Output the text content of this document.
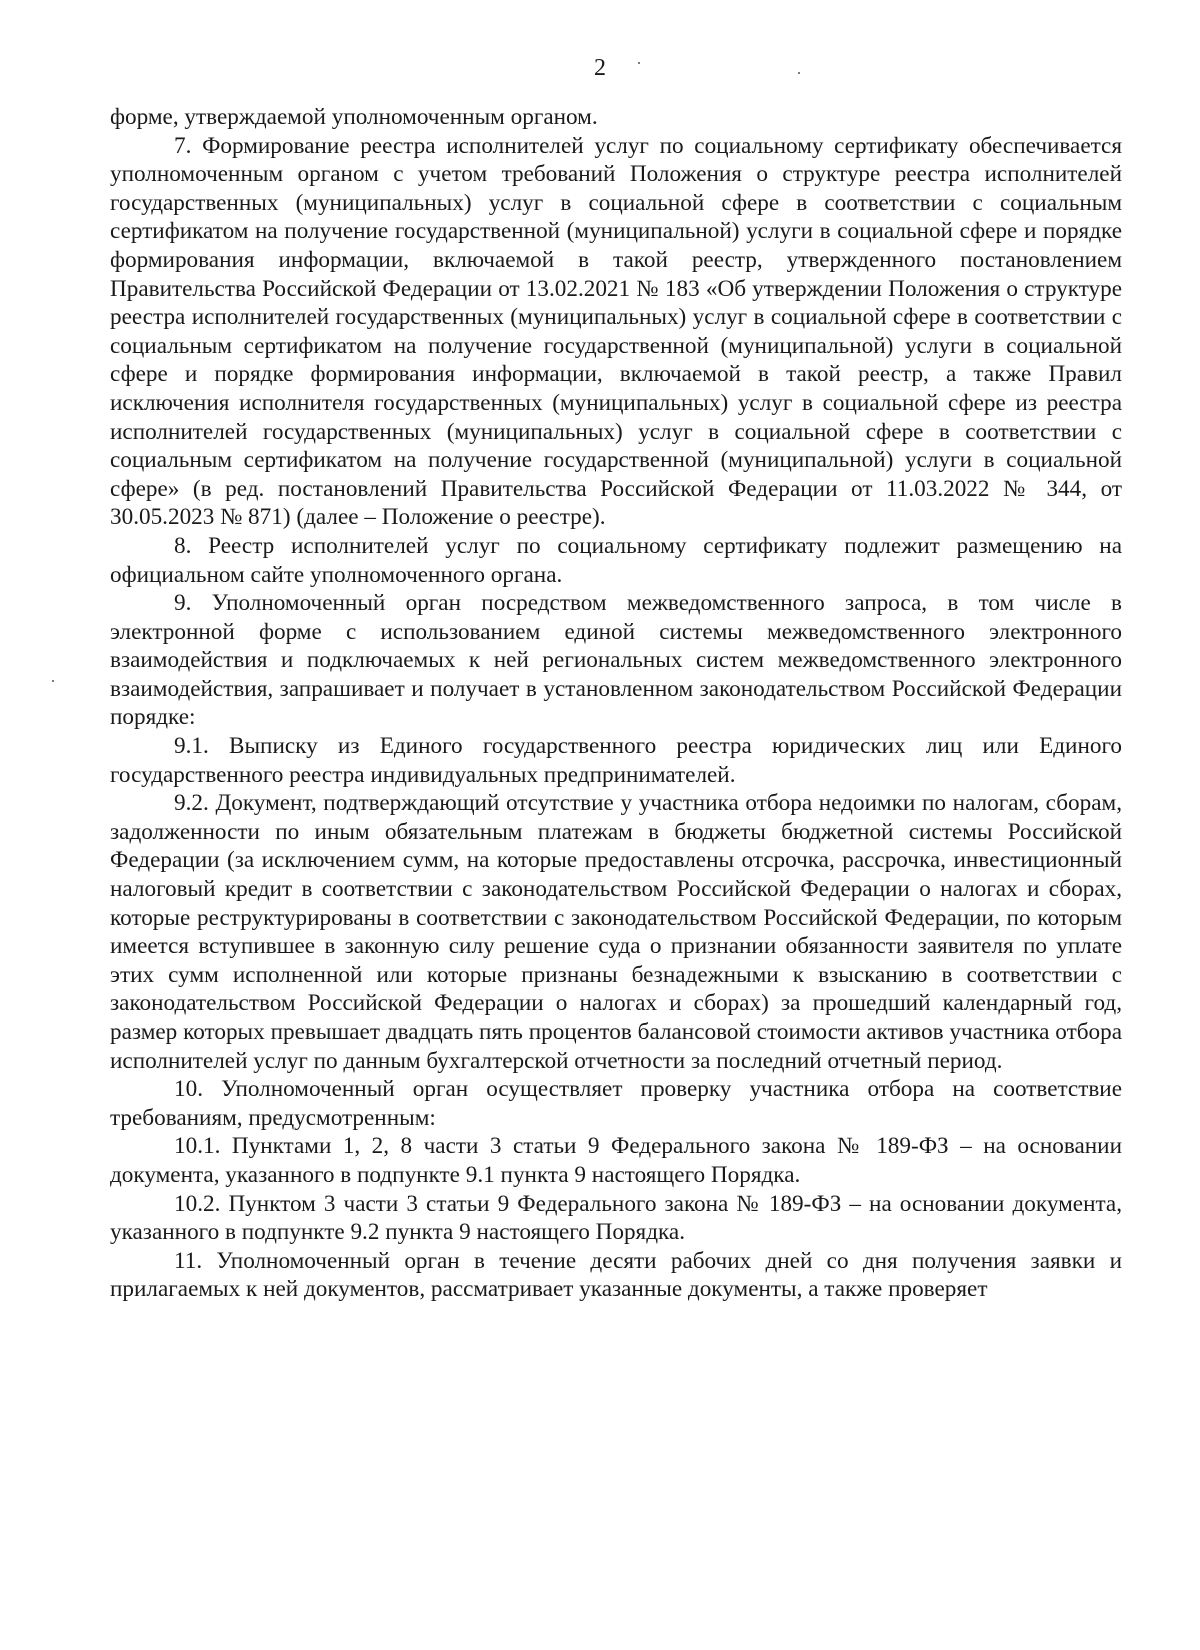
2

форме, утверждаемой уполномоченным органом.

7. Формирование реестра исполнителей услуг по социальному сертификату обеспечивается уполномоченным органом с учетом требований Положения о структуре реестра исполнителей государственных (муниципальных) услуг в социальной сфере в соответствии с социальным сертификатом на получение государственной (муниципальной) услуги в социальной сфере и порядке формирования информации, включаемой в такой реестр, утвержденного постановлением Правительства Российской Федерации от 13.02.2021 № 183 «Об утверждении Положения о структуре реестра исполнителей государственных (муниципальных) услуг в социальной сфере в соответствии с социальным сертификатом на получение государственной (муниципальной) услуги в социальной сфере и порядке формирования информации, включаемой в такой реестр, а также Правил исключения исполнителя государственных (муниципальных) услуг в социальной сфере из реестра исполнителей государственных (муниципальных) услуг в социальной сфере в соответствии с социальным сертификатом на получение государственной (муниципальной) услуги в социальной сфере» (в ред. постановлений Правительства Российской Федерации от 11.03.2022 № 344, от 30.05.2023 № 871) (далее – Положение о реестре).

8. Реестр исполнителей услуг по социальному сертификату подлежит размещению на официальном сайте уполномоченного органа.

9. Уполномоченный орган посредством межведомственного запроса, в том числе в электронной форме с использованием единой системы межведомственного электронного взаимодействия и подключаемых к ней региональных систем межведомственного электронного взаимодействия, запрашивает и получает в установленном законодательством Российской Федерации порядке:

9.1. Выписку из Единого государственного реестра юридических лиц или Единого государственного реестра индивидуальных предпринимателей.

9.2. Документ, подтверждающий отсутствие у участника отбора недоимки по налогам, сборам, задолженности по иным обязательным платежам в бюджеты бюджетной системы Российской Федерации (за исключением сумм, на которые предоставлены отсрочка, рассрочка, инвестиционный налоговый кредит в соответствии с законодательством Российской Федерации о налогах и сборах, которые реструктурированы в соответствии с законодательством Российской Федерации, по которым имеется вступившее в законную силу решение суда о признании обязанности заявителя по уплате этих сумм исполненной или которые признаны безнадежными к взысканию в соответствии с законодательством Российской Федерации о налогах и сборах) за прошедший календарный год, размер которых превышает двадцать пять процентов балансовой стоимости активов участника отбора исполнителей услуг по данным бухгалтерской отчетности за последний отчетный период.

10. Уполномоченный орган осуществляет проверку участника отбора на соответствие требованиям, предусмотренным:

10.1. Пунктами 1, 2, 8 части 3 статьи 9 Федерального закона № 189-ФЗ – на основании документа, указанного в подпункте 9.1 пункта 9 настоящего Порядка.

10.2. Пунктом 3 части 3 статьи 9 Федерального закона № 189-ФЗ – на основании документа, указанного в подпункте 9.2 пункта 9 настоящего Порядка.

11. Уполномоченный орган в течение десяти рабочих дней со дня получения заявки и прилагаемых к ней документов, рассматривает указанные документы, а также проверяет
